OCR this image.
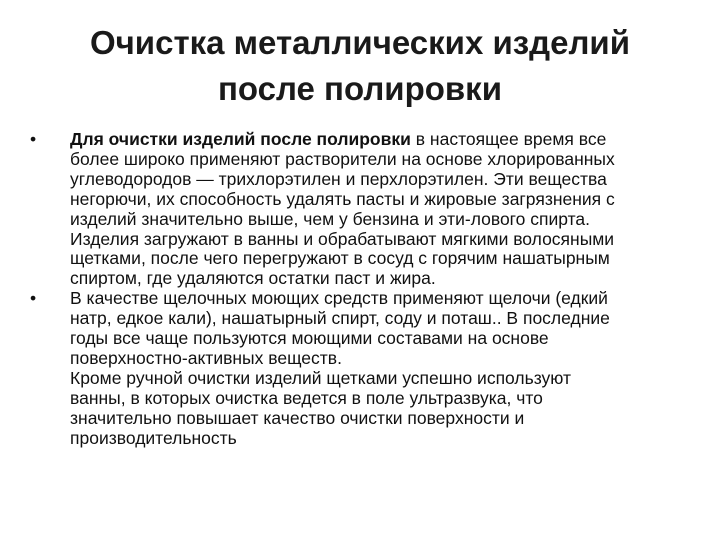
Очистка металлических изделий
после полировки
•	Для очистки изделий после полировки в настоящее время все
более широко применяют растворители на основе хлорированных
углеводородов — трихлорэтилен и перхлорэтилен. Эти вещества
негорючи, их способность удалять пасты и жировые загрязнения с
изделий значительно выше, чем у бензина и эти-лового спирта.
Изделия загружают в ванны и обрабатывают мягкими волосяными
щетками, после чего перегружают в сосуд с горячим нашатырным
спиртом, где удаляются остатки паст и жира.
•	В качестве щелочных моющих средств применяют щелочи (едкий
натр, едкое кали), нашатырный спирт, соду и поташ.. В последние
годы все чаще пользуются моющими составами на основе
поверхностно-активных веществ.
Кроме ручной очистки изделий щетками успешно используют
ванны, в которых очистка ведется в поле ультразвука, что
значительно повышает качество очистки поверхности и
производительность
